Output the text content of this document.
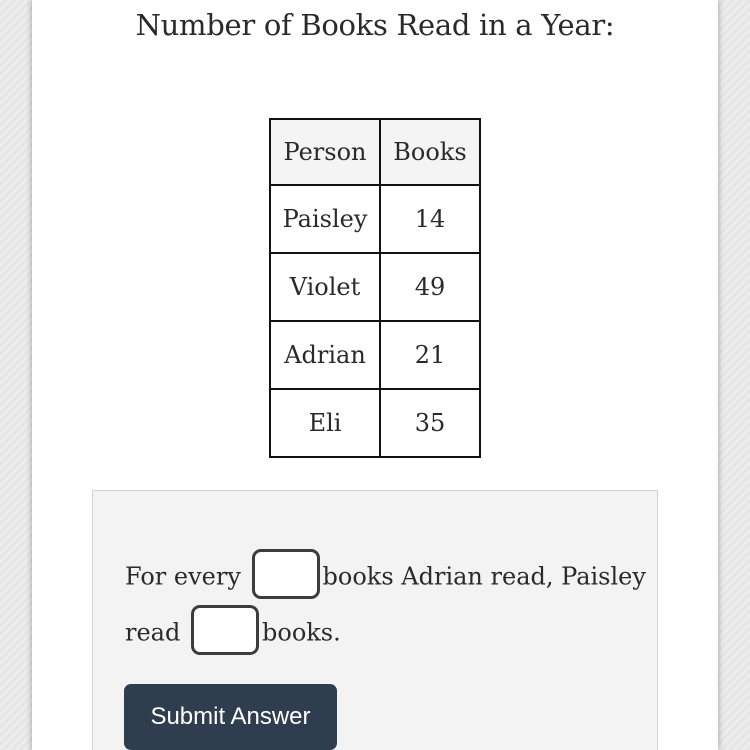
Number of Books Read in a Year:
Person	Books
Paisley	14
Violet	49
Adrian	21
Eli	35
For every	books Adrian read, Paisley
read	books.
Submit Answer
